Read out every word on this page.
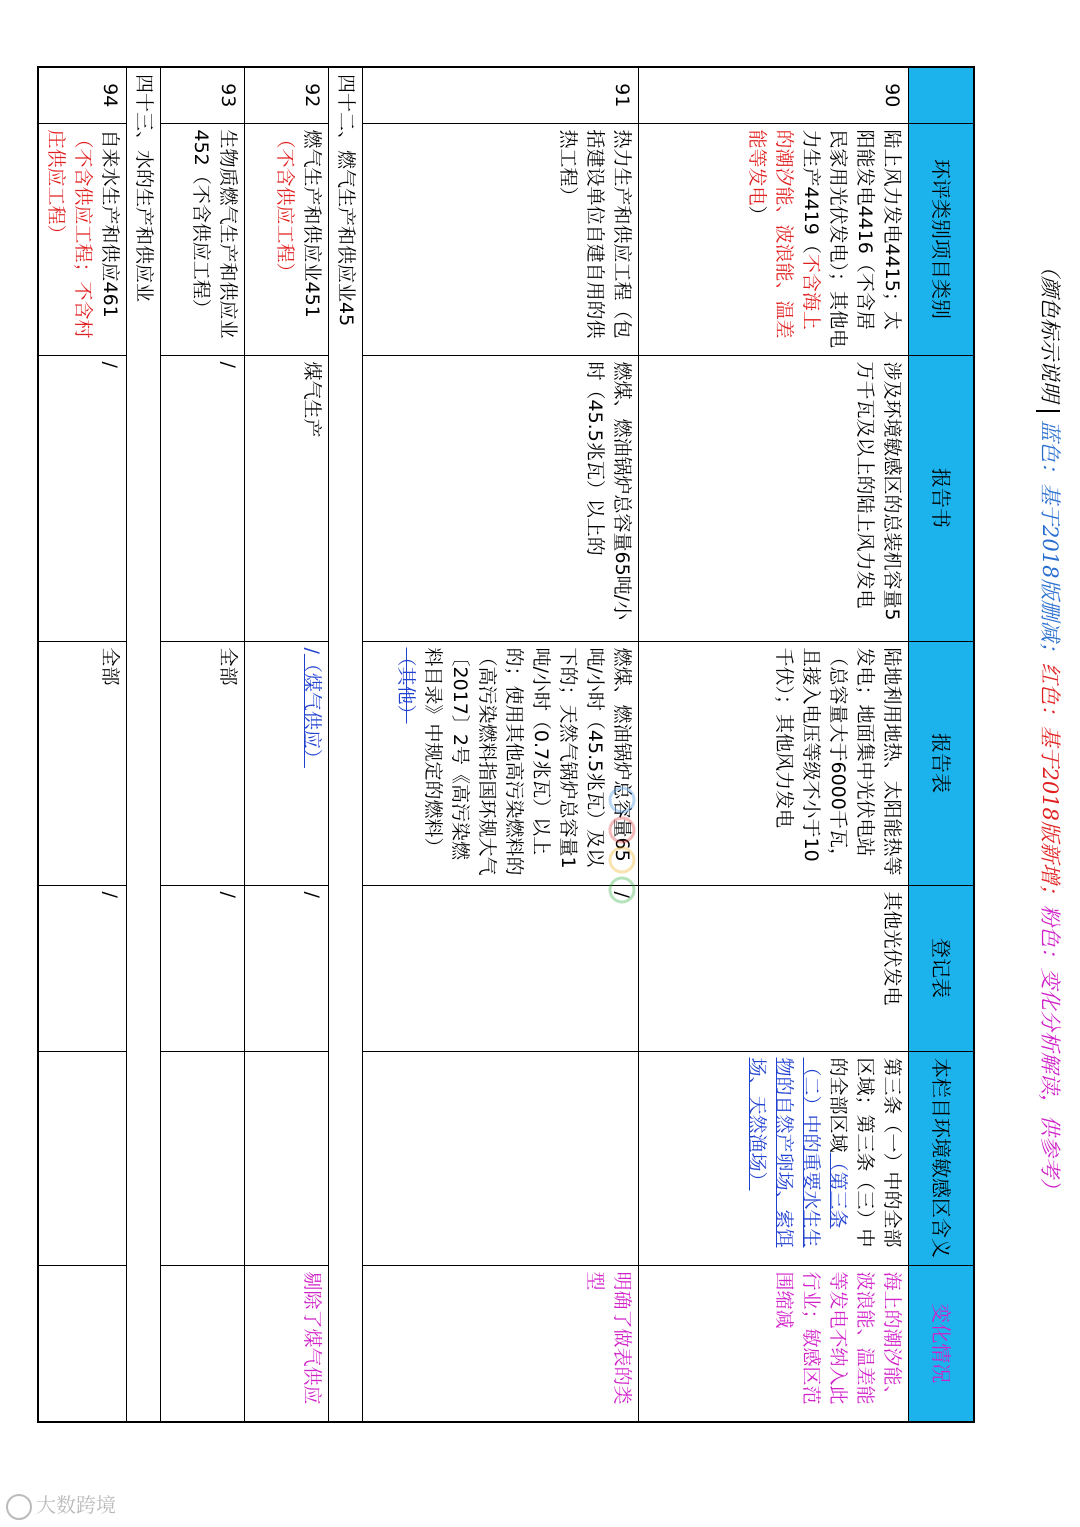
（颜色标示说明蓝色：基于2018版删减；红色：基于2018版新增；粉色：变化分析解读，供参考）
	环评类别项目类别	报告书	报告表	登记表	本栏目环境敏感区含义	变化情况
90	陆上风力发电4415；太阳能发电4416（不含居民家用光伏发电）；其他电力生产4419（不含海上的潮汐能、波浪能、温差能等发电）	涉及环境敏感区的总装机容量5万千瓦及以上的陆上风力发电	陆地利用地热、太阳能热等发电；地面集中光伏电站（总容量大于6000千瓦，且接入电压等级不小于10千伏）；其他风力发电	其他光伏发电	第三条（一）中的全部区域；第三条（三）中的全部区域（第三条（二）中的重要水生生物的自然产卵场、索饵场、天然渔场）	海上的潮汐能、波浪能、温差能等发电不纳入此行业；敏感区范围缩减
91	热力生产和供应工程（包括建设单位自建自用的供热工程）	燃煤、燃油锅炉总容量65吨/小时（45.5兆瓦）以上的	燃煤、燃油锅炉总容量65吨/小时（45.5兆瓦）及以下的；天然气锅炉总容量1吨/小时（0.7兆瓦）以上的；使用其他高污染燃料的（高污染燃料指国环规大气〔2017〕2号《高污染燃料目录》中规定的燃料）（其他）	/		明确了做表的类型
四十二、燃气生产和供应业45						
92	燃气生产和供应业451（不含供应工程）	煤气生产	/（煤气供应）	/		剔除了煤气供应
93	生物质燃气生产和供应业452（不含供应工程）	/	全部	/		
四十三、水的生产和供应业						
94	自来水生产和供应461（不含供应工程；不含村庄供应工程）	/	全部	/		
大数跨境
